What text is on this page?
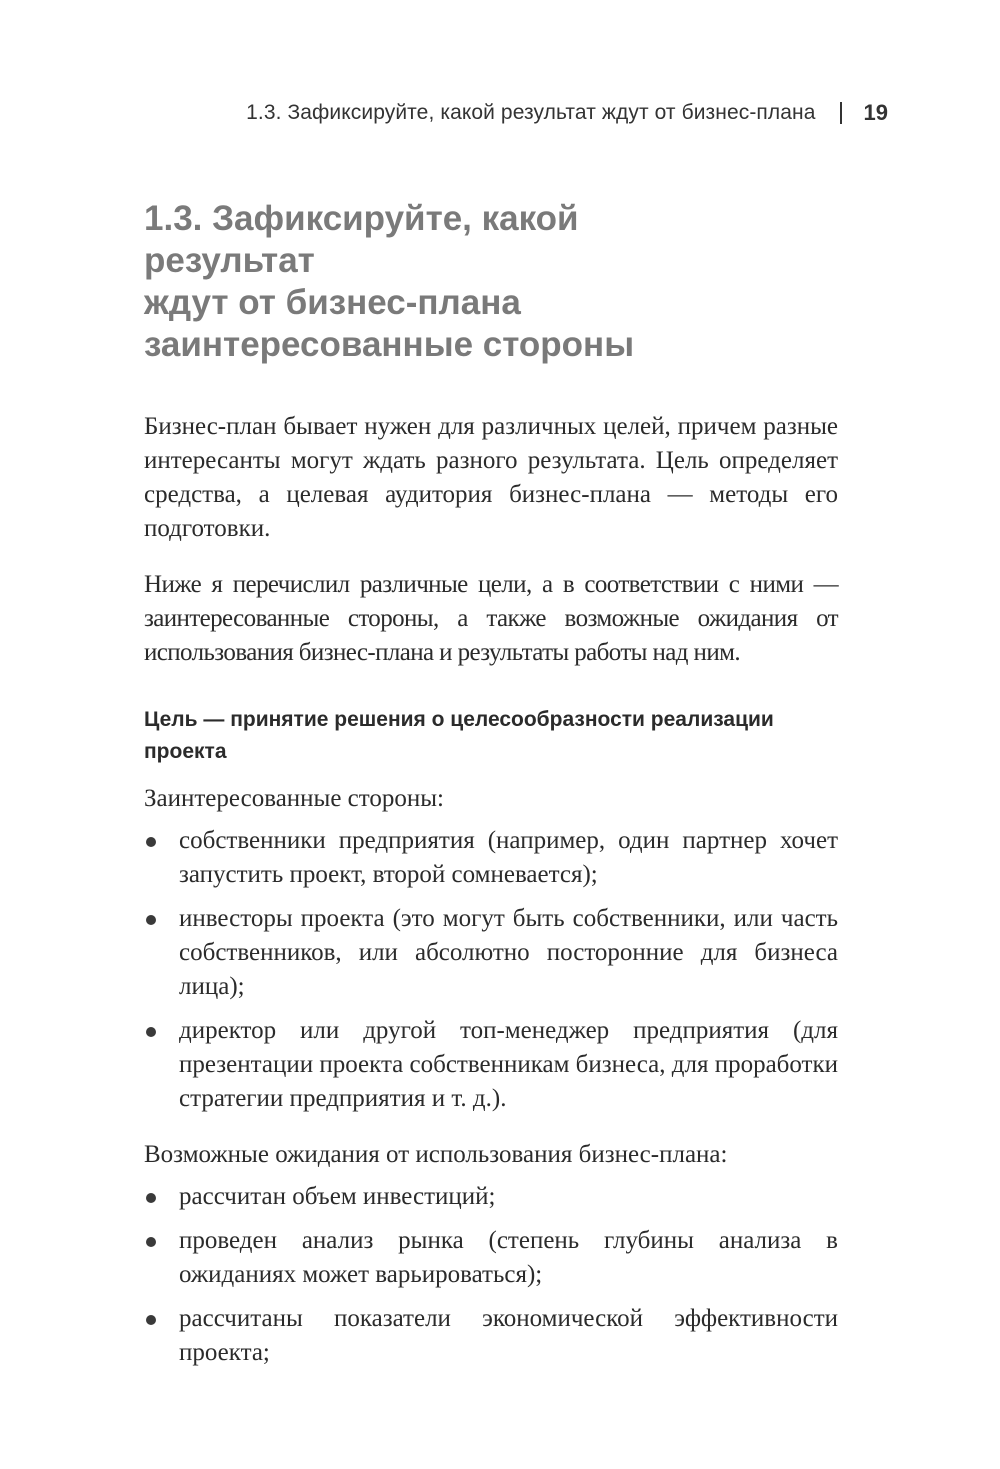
1.3. Зафиксируйте, какой результат ждут от бизнес-плана 19
1.3. Зафиксируйте, какой результат
ждут от бизнес-плана
заинтересованные стороны

Бизнес-план бывает нужен для различных целей, причем разные интересанты могут ждать разного результата. Цель определяет средства, а целевая аудитория бизнес-плана — методы его подготовки.

Ниже я перечислил различные цели, а в соответствии с ними — заинтересованные стороны, а также возможные ожидания от использования бизнес-плана и результаты работы над ним.

Цель — принятие решения о целесообразности реализации проекта

Заинтересованные стороны:

собственники предприятия (например, один партнер хочет запустить проект, второй сомневается);
инвесторы проекта (это могут быть собственники, или часть собственников, или абсолютно посторонние для бизнеса лица);
директор или другой топ-менеджер предприятия (для презентации проекта собственникам бизнеса, для проработки стратегии предприятия и т. д.).

Возможные ожидания от использования бизнес-плана:

рассчитан объем инвестиций;
проведен анализ рынка (степень глубины анализа в ожиданиях может варьироваться);
рассчитаны показатели экономической эффективности проекта;
